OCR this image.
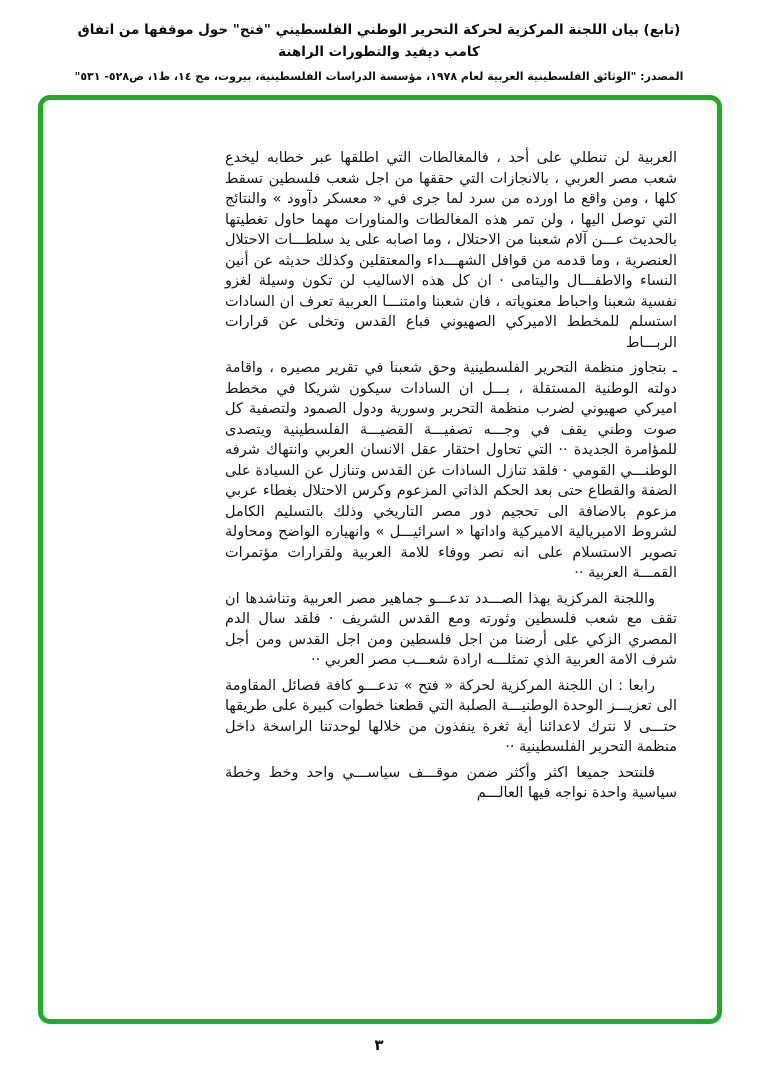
(تابع) بيان اللجنة المركزية لحركة التحرير الوطني الفلسطيني "فتح" حول موقفها من اتفاق كامب ديفيد والتطورات الراهنة
المصدر: "الوثائق الفلسطينية العربية لعام ١٩٧٨، مؤسسة الدراسات الفلسطينية، بيروت، مج ١٤، ط١، ص٥٢٨- ٥٣١"
العربية لن تنطلي على أحد ، فالمغالطات التي اطلقها عبر خطابه ليخدع شعب مصر العربي ، بالانجازات التي حققها من اجل شعب فلسطين تسقط كلها ، ومن واقع ما اورده من سرد لما جرى في « معسكر دآوود » والنتائج التي توصل اليها ، ولن تمر هذه المغالطات والمناورات مهما حاول تغطيتها بالحديث عـــن آلام شعبنا من الاحتلال ، وما اصابه على يد سلطـــات الاحتلال العنصرية ، وما قدمه من قوافل الشهـــداء والمعتقلين وكذلك حديثه عن أنين النساء والاطفـــال واليتامى · ان كل هذه الاساليب لن تكون وسيلة لغزو نفسية شعبنا واحباط معنوياته ، فان شعبنا وامتنـــا العربية تعرف ان السادات استسلم للمخطط الاميركي الصهيوني فباع القدس وتخلى عن قرارات الربـــاط
ـ بتجاوز منظمة التحرير الفلسطينية وحق شعبنا في تقرير مصيره ، واقامة دولته الوطنية المستقلة ، بـــل ان السادات سيكون شريكا في مخطط اميركي صهيوني لضرب منظمة التحرير وسورية ودول الصمود ولتصفية كل صوت وطني يقف في وجـــه تصفيـــة القضيـــة الفلسطينية ويتصدى للمؤامرة الجديدة ·· التي تحاول احتقار عقل الانسان العربي وانتهاك شرفه الوطنـــي القومي · فلقد تنازل السادات عن القدس وتنازل عن السيادة على الضفة والقطاع حتى بعد الحكم الذاتي المزعوم وكرس الاحتلال بغطاء عربي مزعوم بالاضافة الى تحجيم دور مصر التاريخي وذلك بالتسليم الكامل لشروط الامبريالية الاميركية واداتها « اسرائيـــل » وانهياره الواضح ومحاولة تصوير الاستسلام على انه نصر ووفاء للامة العربية ولقرارات مؤتمرات القمـــة العربية ··
واللجنة المركزية بهذا الصـــدد تدعـــو جماهير مصر العربية وتناشدها ان تقف مع شعب فلسطين وثورته ومع القدس الشريف · فلقد سال الدم المصري الزكي على أرضنا من اجل فلسطين ومن اجل القدس ومن أجل شرف الامة العربية الذي تمثلـــه ارادة شعـــب مصر العربي ··
رابعا : ان اللجنة المركزية لحركة « فتح » تدعـــو كافة فصائل المقاومة الى تعزيـــز الوحدة الوطنيـــة الصلبة التي قطعنا خطوات كبيرة على طريقها حتـــى لا نترك لاعدائنا أية ثغرة ينفذون من خلالها لوحدتنا الراسخة داخل منظمة التحرير الفلسطينية ··
فلنتحد جميعا اكثر وأكثر ضمن موقـــف سياســـي واحد وخط وخطة سياسية واحدة نواجه فيها العالـــم
٣
